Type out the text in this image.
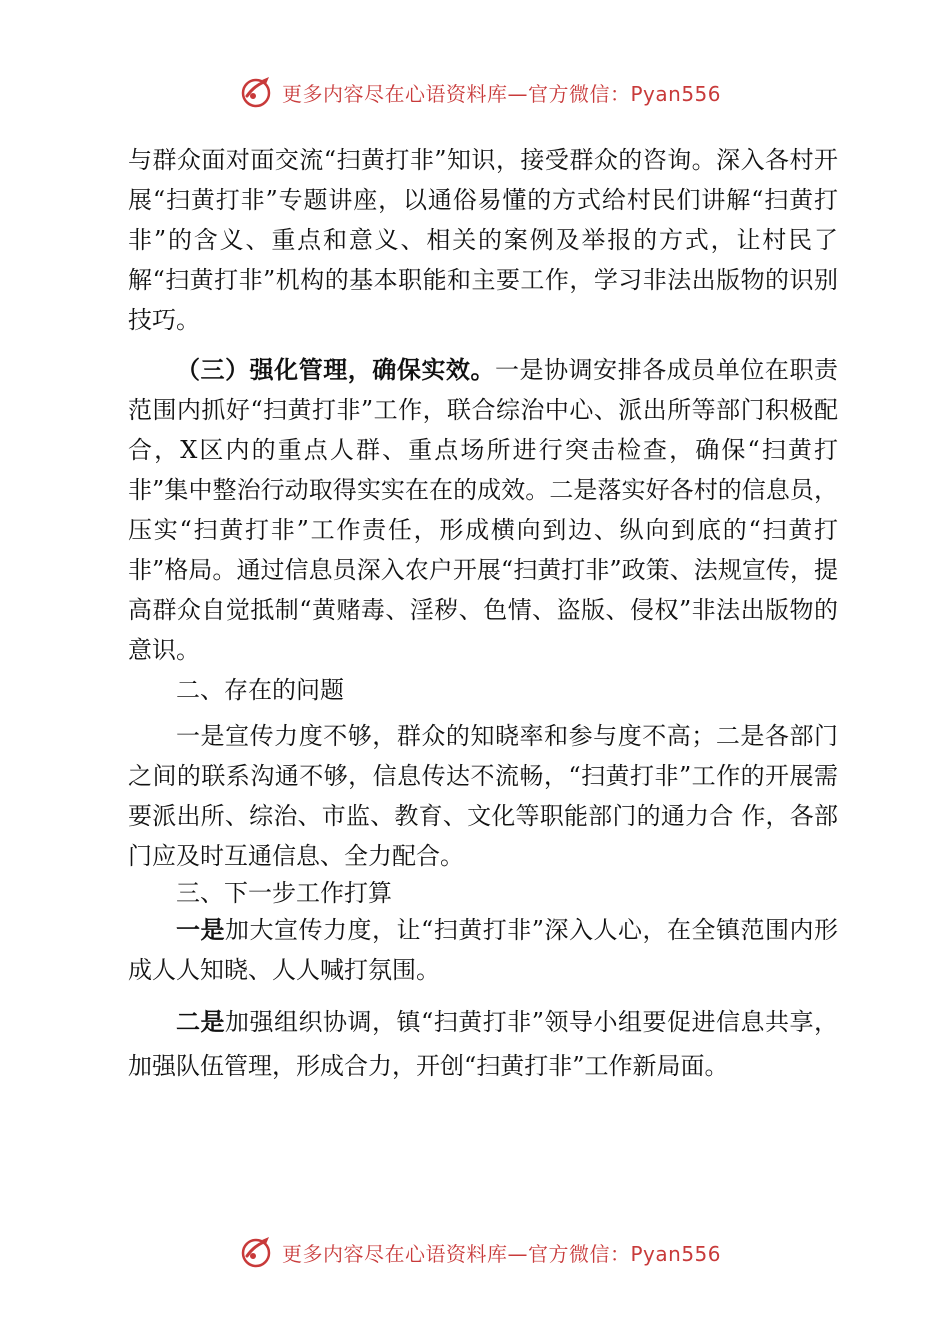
更多内容尽在心语资料库—官方微信：Pyan556

与群众面对面交流“扫黄打非”知识，接受群众的咨询。深入各村开展“扫黄打非”专题讲座，以通俗易懂的方式给村民们讲解“扫黄打非”的含义、重点和意义、相关的案例及举报的方式，让村民了解“扫黄打非”机构的基本职能和主要工作，学习非法出版物的识别技巧。

（三）强化管理，确保实效。一是协调安排各成员单位在职责范围内抓好“扫黄打非”工作，联合综治中心、派出所等部门积极配合，X区内的重点人群、重点场所进行突击检查，确保“扫黄打非”集中整治行动取得实实在在的成效。二是落实好各村的信息员，压实“扫黄打非”工作责任，形成横向到边、纵向到底的“扫黄打非”格局。通过信息员深入农户开展“扫黄打非”政策、法规宣传，提高群众自觉抵制“黄赌毒、淫秽、色情、盗版、侵权”非法出版物的意识。

二、存在的问题

一是宣传力度不够，群众的知晓率和参与度不高；二是各部门之间的联系沟通不够，信息传达不流畅，“扫黄打非”工作的开展需要派出所、综治、市监、教育、文化等职能部门的通力合 作，各部门应及时互通信息、全力配合。

三、下一步工作打算

一是加大宣传力度，让“扫黄打非”深入人心，在全镇范围内形成人人知晓、人人喊打氛围。

二是加强组织协调，镇“扫黄打非”领导小组要促进信息共享，加强队伍管理，形成合力，开创“扫黄打非”工作新局面。

更多内容尽在心语资料库—官方微信：Pyan556
